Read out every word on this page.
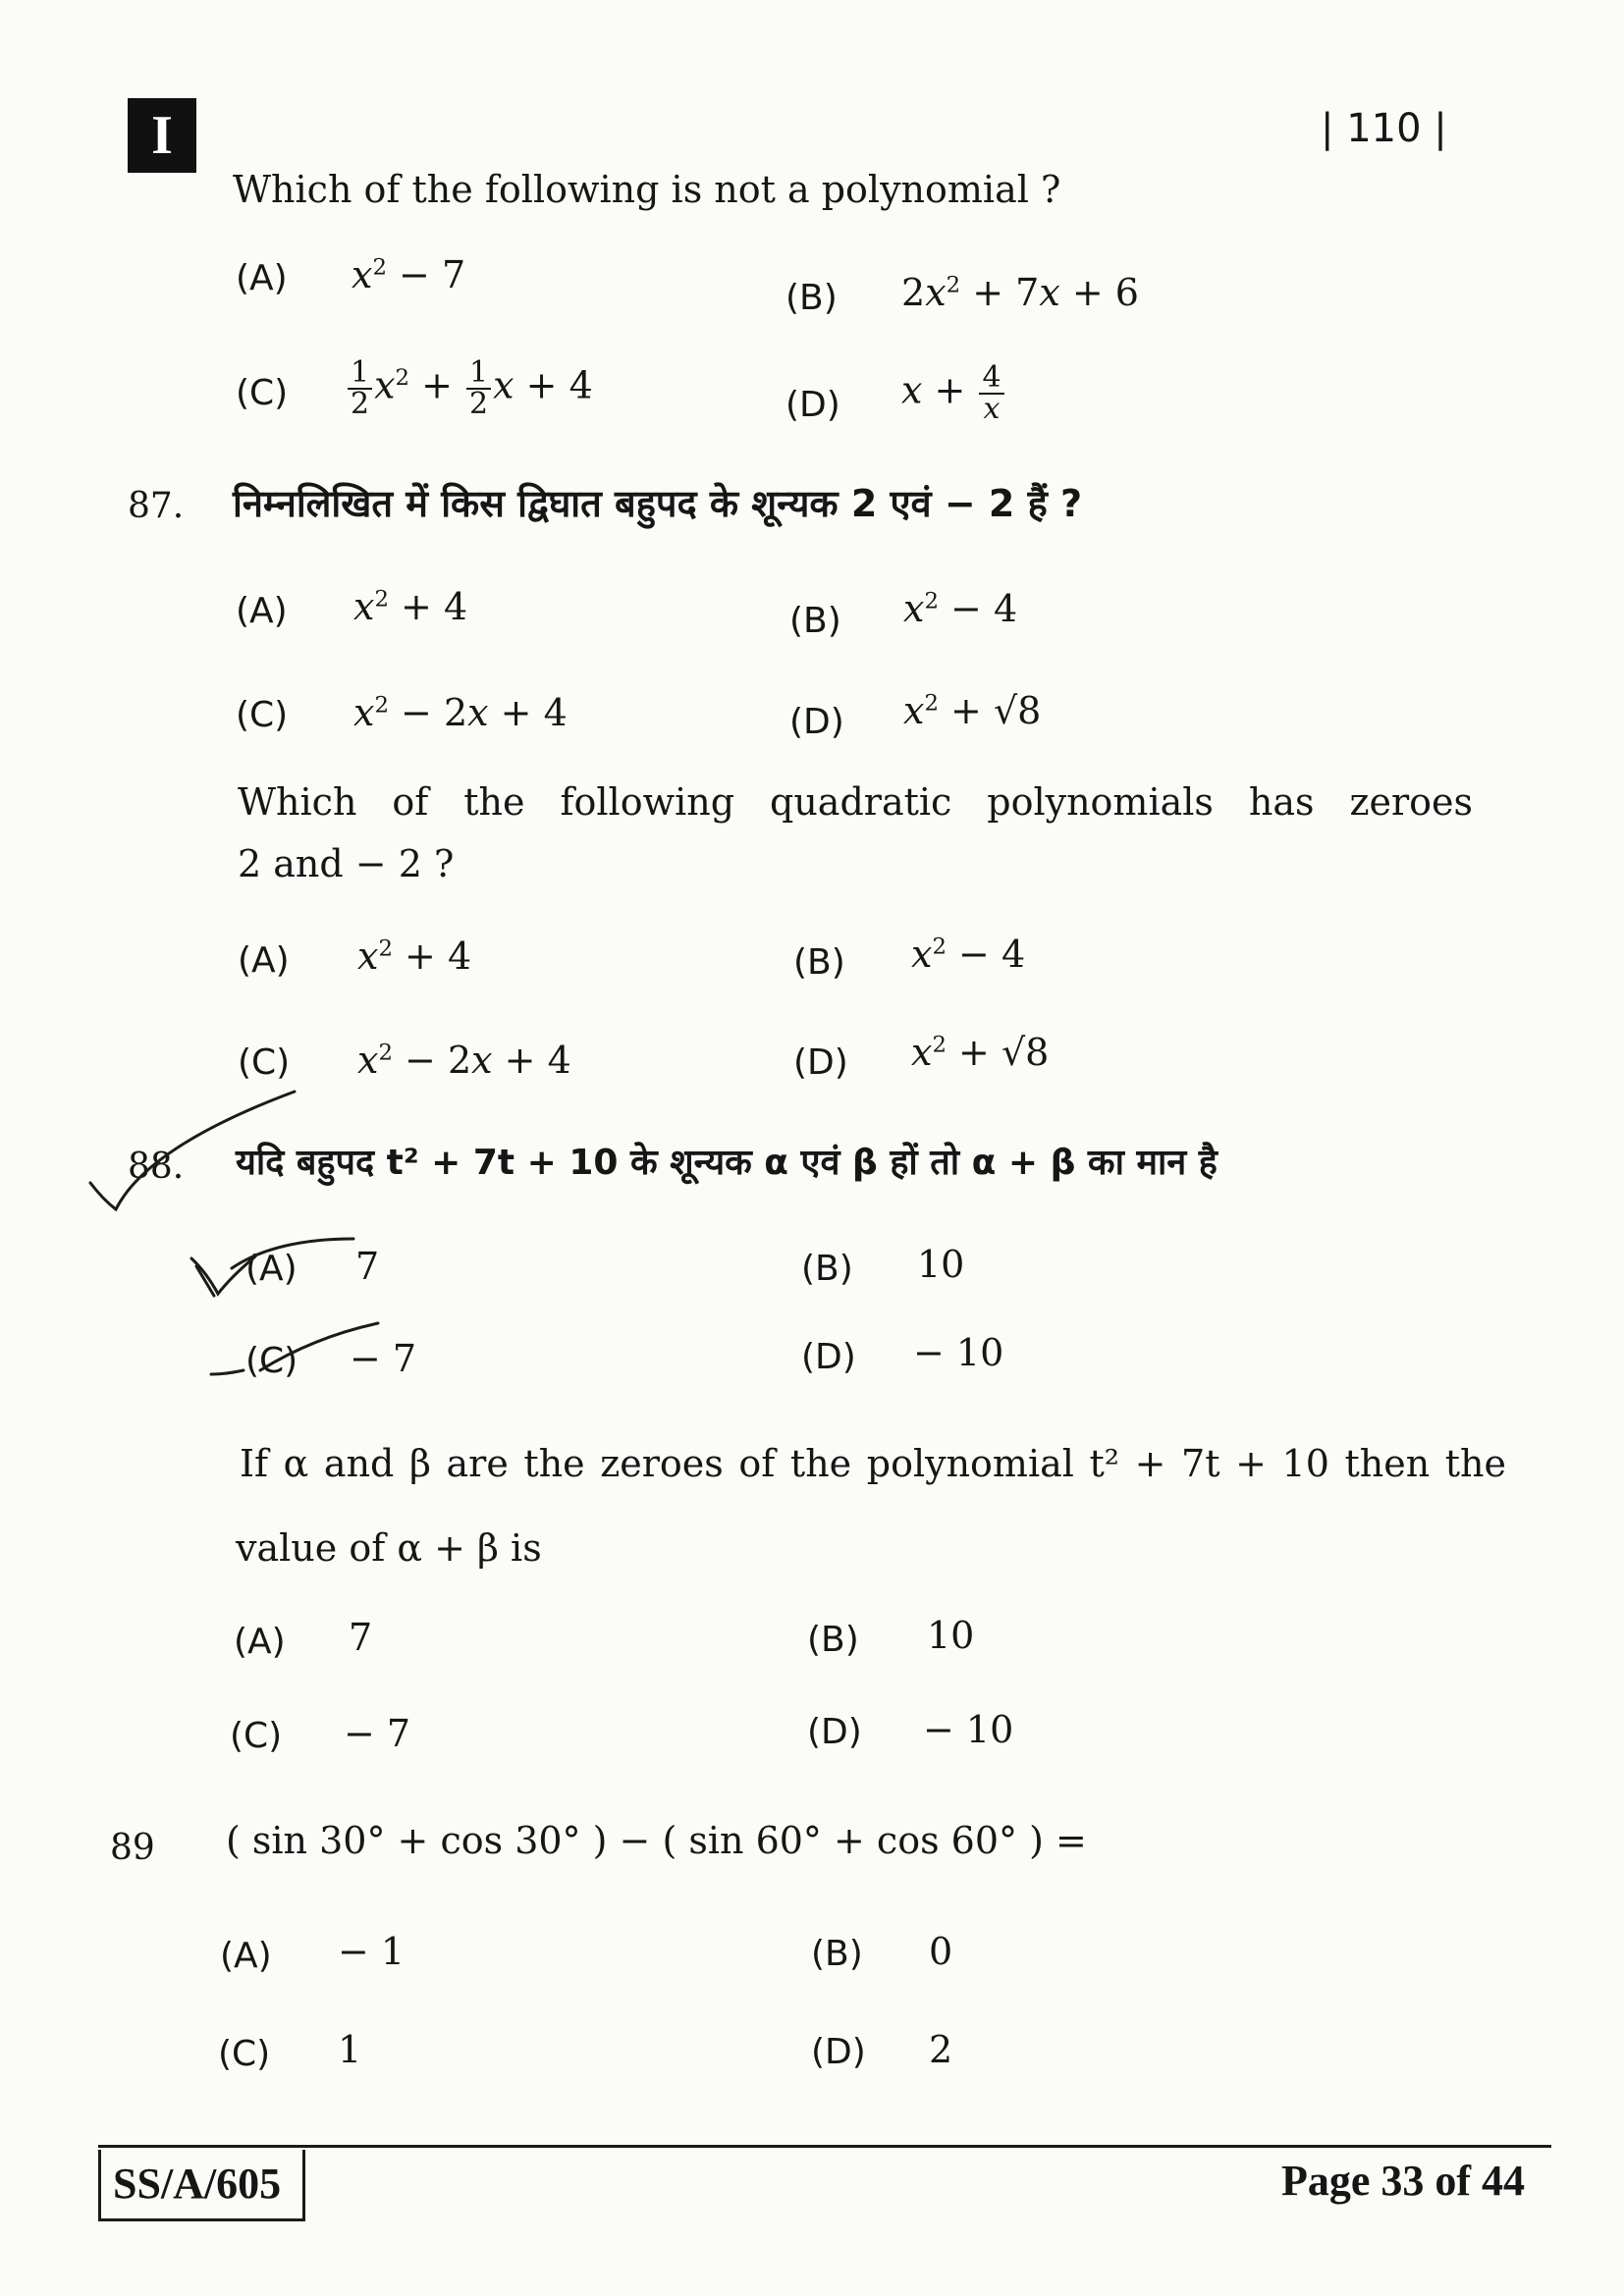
I	| 110 |
Which of the following is not a polynomial ?
(A) $x^2 - 7$
(B) $2x^2 + 7x + 6$
$(C) \frac{1}{2} x^2 + \frac{1}{2}$ x + 4	(D) $x + \frac{4}{x}$
87. निम्नलिखित में किस द्विघात बहुपद के शून्यक 2 एवं − 2 हैं ?
(A) $x^2 + 4$	(B) $x^2 - 4$
(C) $x^2 - 2x + 4$	(D) $x^2 + √8$
Which of the following quadratic polynomials has zeroes
2 and − 2 ?
(A) $x^2 + 4$	(B) $x^2 - 4$
(C) $x^2 - 2x + 4$	(D) $x^2 + √8$
88. यदि बहुपद t² + 7t + 10 के शून्यक α एवं β हों तो α + β का मान है
(A) 7	(B) 10
(C) − 7	(D) − 10
If α and β are the zeroes of the polynomial t² + 7t + 10 then the
value of α + β is
(A) 7	(B) 10
(C) − 7	(D) − 10
89 ( sin 30° + cos 30° ) − ( sin 60° + cos 60° ) =
(A) − 1	(B) 0
(C) 1	(D) 2
SS/A/605	Page 33 of 44
